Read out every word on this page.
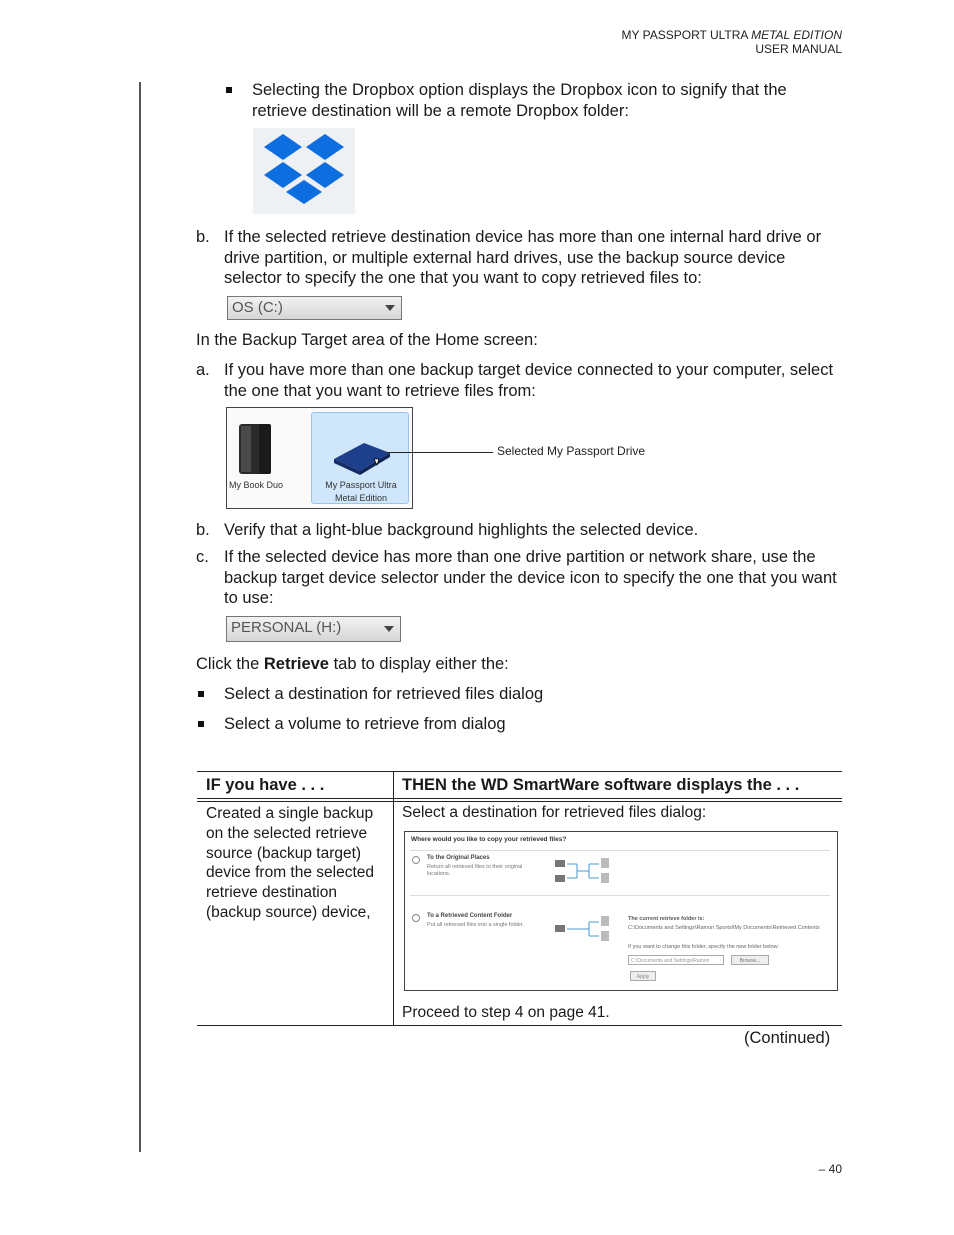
MY PASSPORT ULTRA METAL EDITION
USER MANUAL
Selecting the Dropbox option displays the Dropbox icon to signify that the retrieve destination will be a remote Dropbox folder:
b. If the selected retrieve destination device has more than one internal hard drive or drive partition, or multiple external hard drives, use the backup source device selector to specify the one that you want to copy retrieved files to:
OS (C:)
In the Backup Target area of the Home screen:
a. If you have more than one backup target device connected to your computer, select the one that you want to retrieve files from:
My Book Duo	My Passport Ultra
Metal Edition
Selected My Passport Drive
b. Verify that a light-blue background highlights the selected device.
c. If the selected device has more than one drive partition or network share, use the backup target device selector under the device icon to specify the one that you want to use:
PERSONAL (H:)
Click the Retrieve tab to display either the:
Select a destination for retrieved files dialog
Select a volume to retrieve from dialog
IF you have . . .	THEN the WD SmartWare software displays the . . .
Created a single backup
on the selected retrieve
source (backup target)
device from the selected
retrieve destination
(backup source) device,
Select a destination for retrieved files dialog:
Where would you like to copy your retrieved files?
To the Original Places
Return all retrieved files to their original locations.
To a Retrieved Content Folder
Put all retrieved files into a single folder.
The current retrieve folder is:
C:\Documents and Settings\Ramon Sportsl\My Documents\Retrieved Contents
If you want to change this folder, specify the new folder below:
C:\Documents and Settings\Ramon	Browse...
Apply
Proceed to step 4 on page 41.
(Continued)
– 40
